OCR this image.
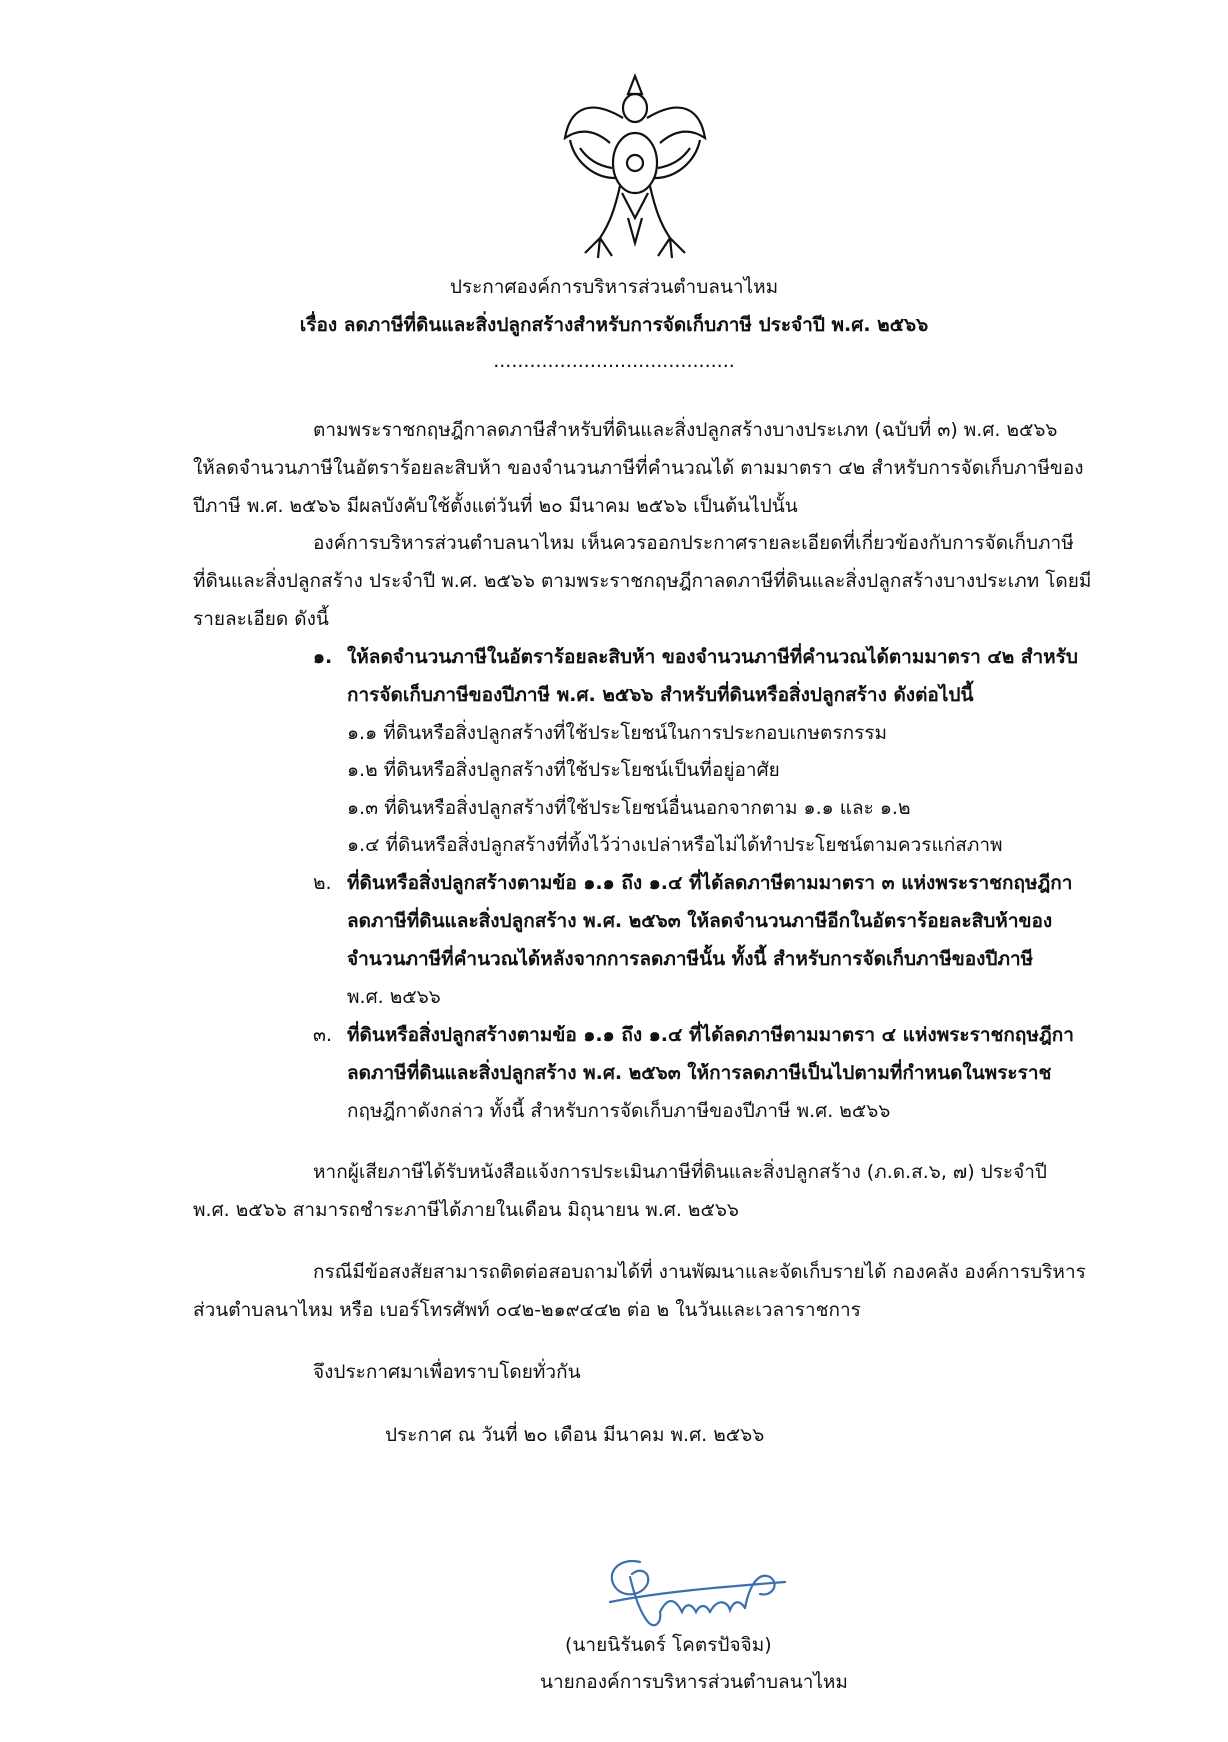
ประกาศองค์การบริหารส่วนตำบลนาไหม
เรื่อง ลดภาษีที่ดินและสิ่งปลูกสร้างสำหรับการจัดเก็บภาษี ประจำปี พ.ศ. ๒๕๖๖
........................................
ตามพระราชกฤษฎีกาลดภาษีสำหรับที่ดินและสิ่งปลูกสร้างบางประเภท (ฉบับที่ ๓) พ.ศ. ๒๕๖๖
ให้ลดจำนวนภาษีในอัตราร้อยละสิบห้า ของจำนวนภาษีที่คำนวณได้ ตามมาตรา ๔๒ สำหรับการจัดเก็บภาษีของ
ปีภาษี พ.ศ. ๒๕๖๖ มีผลบังคับใช้ตั้งแต่วันที่ ๒๐ มีนาคม ๒๕๖๖ เป็นต้นไปนั้น
องค์การบริหารส่วนตำบลนาไหม เห็นควรออกประกาศรายละเอียดที่เกี่ยวข้องกับการจัดเก็บภาษี
ที่ดินและสิ่งปลูกสร้าง ประจำปี พ.ศ. ๒๕๖๖ ตามพระราชกฤษฎีกาลดภาษีที่ดินและสิ่งปลูกสร้างบางประเภท โดยมี
รายละเอียด ดังนี้
๑. ให้ลดจำนวนภาษีในอัตราร้อยละสิบห้า ของจำนวนภาษีที่คำนวณได้ตามมาตรา ๔๒ สำหรับ
การจัดเก็บภาษีของปีภาษี พ.ศ. ๒๕๖๖ สำหรับที่ดินหรือสิ่งปลูกสร้าง ดังต่อไปนี้
๑.๑ ที่ดินหรือสิ่งปลูกสร้างที่ใช้ประโยชน์ในการประกอบเกษตรกรรม
๑.๒ ที่ดินหรือสิ่งปลูกสร้างที่ใช้ประโยชน์เป็นที่อยู่อาศัย
๑.๓ ที่ดินหรือสิ่งปลูกสร้างที่ใช้ประโยชน์อื่นนอกจากตาม ๑.๑ และ ๑.๒
๑.๔ ที่ดินหรือสิ่งปลูกสร้างที่ทิ้งไว้ว่างเปล่าหรือไม่ได้ทำประโยชน์ตามควรแก่สภาพ
๒. ที่ดินหรือสิ่งปลูกสร้างตามข้อ ๑.๑ ถึง ๑.๔ ที่ได้ลดภาษีตามมาตรา ๓ แห่งพระราชกฤษฎีกา
ลดภาษีที่ดินและสิ่งปลูกสร้าง พ.ศ. ๒๕๖๓ ให้ลดจำนวนภาษีอีกในอัตราร้อยละสิบห้าของ
จำนวนภาษีที่คำนวณได้หลังจากการลดภาษีนั้น ทั้งนี้ สำหรับการจัดเก็บภาษีของปีภาษี
พ.ศ. ๒๕๖๖
๓. ที่ดินหรือสิ่งปลูกสร้างตามข้อ ๑.๑ ถึง ๑.๔ ที่ได้ลดภาษีตามมาตรา ๔ แห่งพระราชกฤษฎีกา
ลดภาษีที่ดินและสิ่งปลูกสร้าง พ.ศ. ๒๕๖๓ ให้การลดภาษีเป็นไปตามที่กำหนดในพระราช
กฤษฎีกาดังกล่าว ทั้งนี้ สำหรับการจัดเก็บภาษีของปีภาษี พ.ศ. ๒๕๖๖
หากผู้เสียภาษีได้รับหนังสือแจ้งการประเมินภาษีที่ดินและสิ่งปลูกสร้าง (ภ.ด.ส.๖, ๗) ประจำปี
พ.ศ. ๒๕๖๖ สามารถชำระภาษีได้ภายในเดือน มิถุนายน พ.ศ. ๒๕๖๖
กรณีมีข้อสงสัยสามารถติดต่อสอบถามได้ที่ งานพัฒนาและจัดเก็บรายได้ กองคลัง องค์การบริหาร
ส่วนตำบลนาไหม หรือ เบอร์โทรศัพท์ ๐๔๒-๒๑๙๔๔๒ ต่อ ๒ ในวันและเวลาราชการ
จึงประกาศมาเพื่อทราบโดยทั่วกัน
ประกาศ ณ วันที่ ๒๐ เดือน มีนาคม พ.ศ. ๒๕๖๖
(นายนิรันดร์ โคตรปัจจิม)
นายกองค์การบริหารส่วนตำบลนาไหม
